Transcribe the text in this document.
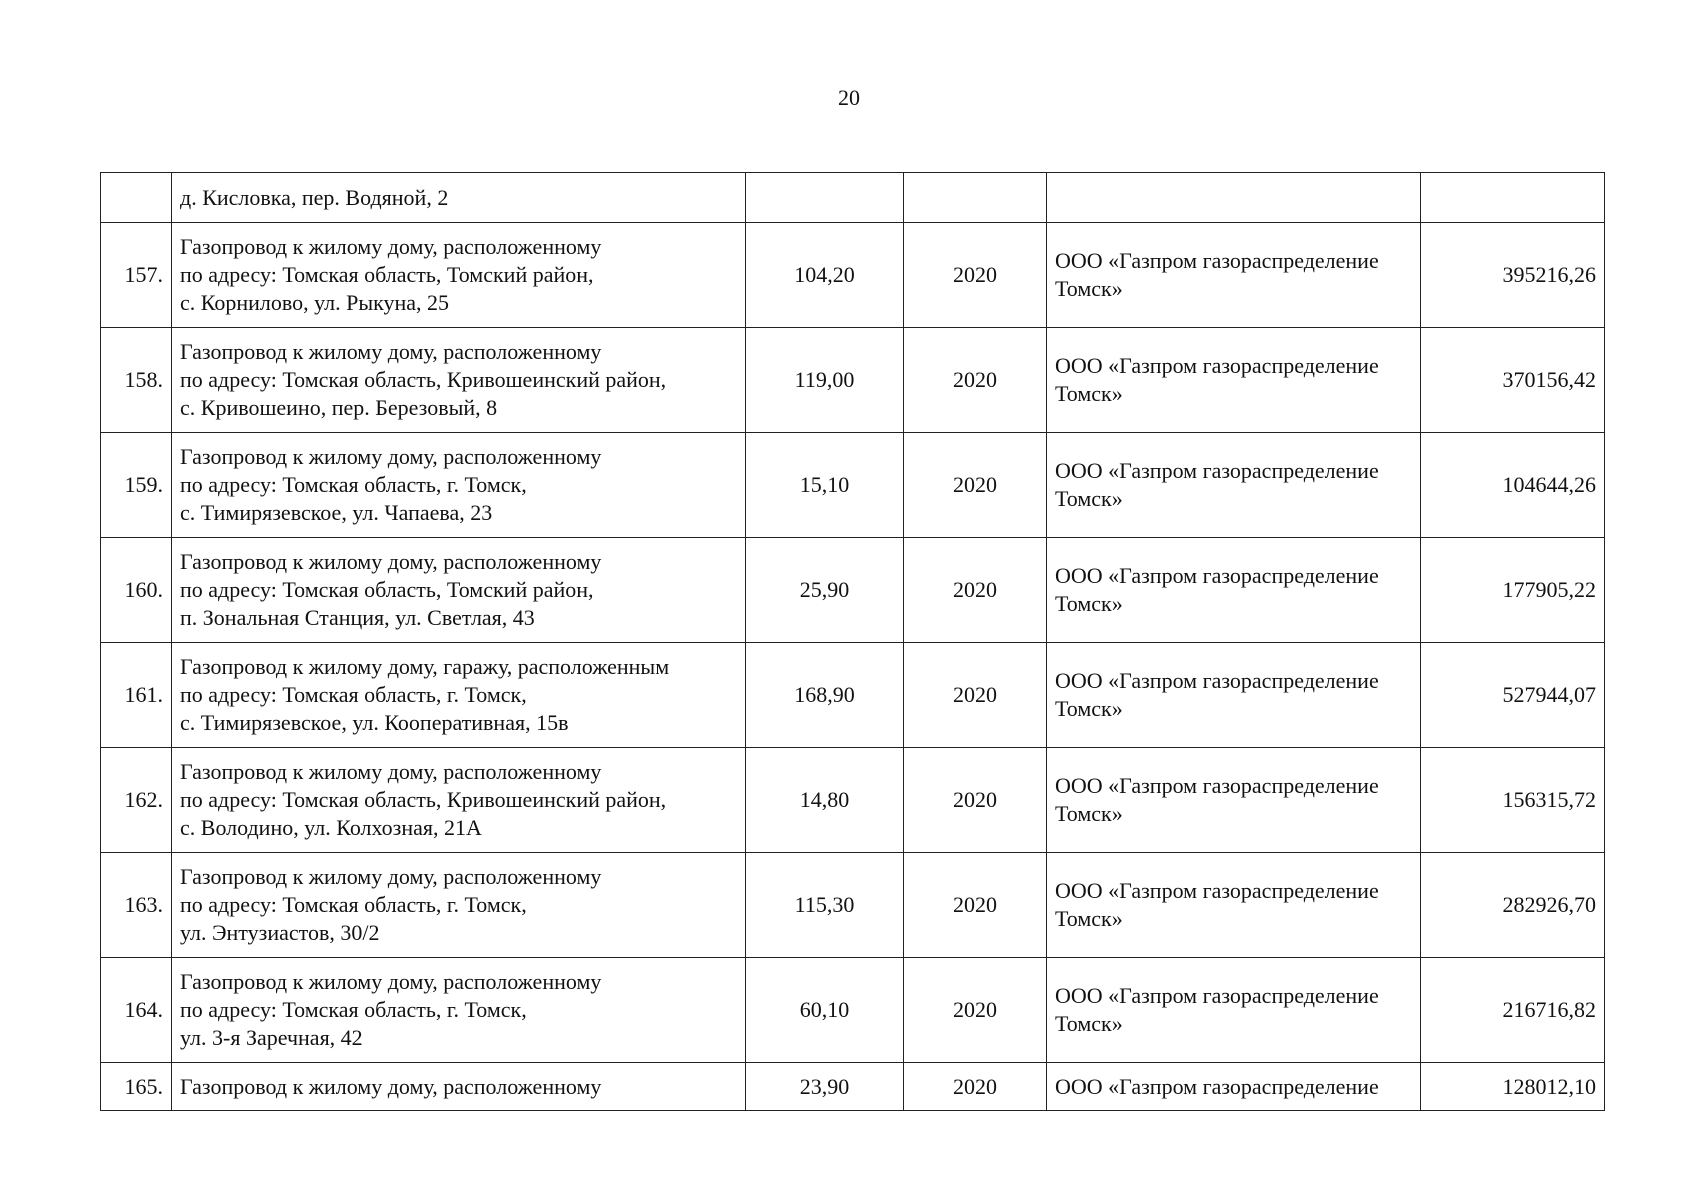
20

	д. Кисловка, пер. Водяной, 2				

157.	Газопровод к жилому дому, расположенному
по адресу: Томская область, Томский район,
с. Корнилово, ул. Рыкуна, 25	104,20	2020	ООО «Газпром газораспределение
Томск»	395216,26
158.	Газопровод к жилому дому, расположенному
по адресу: Томская область, Кривошеинский район,
с. Кривошеино, пер. Березовый, 8	119,00	2020	ООО «Газпром газораспределение
Томск»	370156,42
159.	Газопровод к жилому дому, расположенному
по адресу: Томская область, г. Томск,
с. Тимирязевское, ул. Чапаева, 23	15,10	2020	ООО «Газпром газораспределение
Томск»	104644,26
160.	Газопровод к жилому дому, расположенному
по адресу: Томская область, Томский район,
п. Зональная Станция, ул. Светлая, 43	25,90	2020	ООО «Газпром газораспределение
Томск»	177905,22
161.	Газопровод к жилому дому, гаражу, расположенным
по адресу: Томская область, г. Томск,
с. Тимирязевское, ул. Кооперативная, 15в	168,90	2020	ООО «Газпром газораспределение
Томск»	527944,07
162.	Газопровод к жилому дому, расположенному
по адресу: Томская область, Кривошеинский район,
с. Володино, ул. Колхозная, 21А	14,80	2020	ООО «Газпром газораспределение
Томск»	156315,72
163.	Газопровод к жилому дому, расположенному
по адресу: Томская область, г. Томск,
ул. Энтузиастов, 30/2	115,30	2020	ООО «Газпром газораспределение
Томск»	282926,70
164.	Газопровод к жилому дому, расположенному
по адресу: Томская область, г. Томск,
ул. 3-я Заречная, 42	60,10	2020	ООО «Газпром газораспределение
Томск»	216716,82
165.	Газопровод к жилому дому, расположенному	23,90	2020	ООО «Газпром газораспределение	128012,10
